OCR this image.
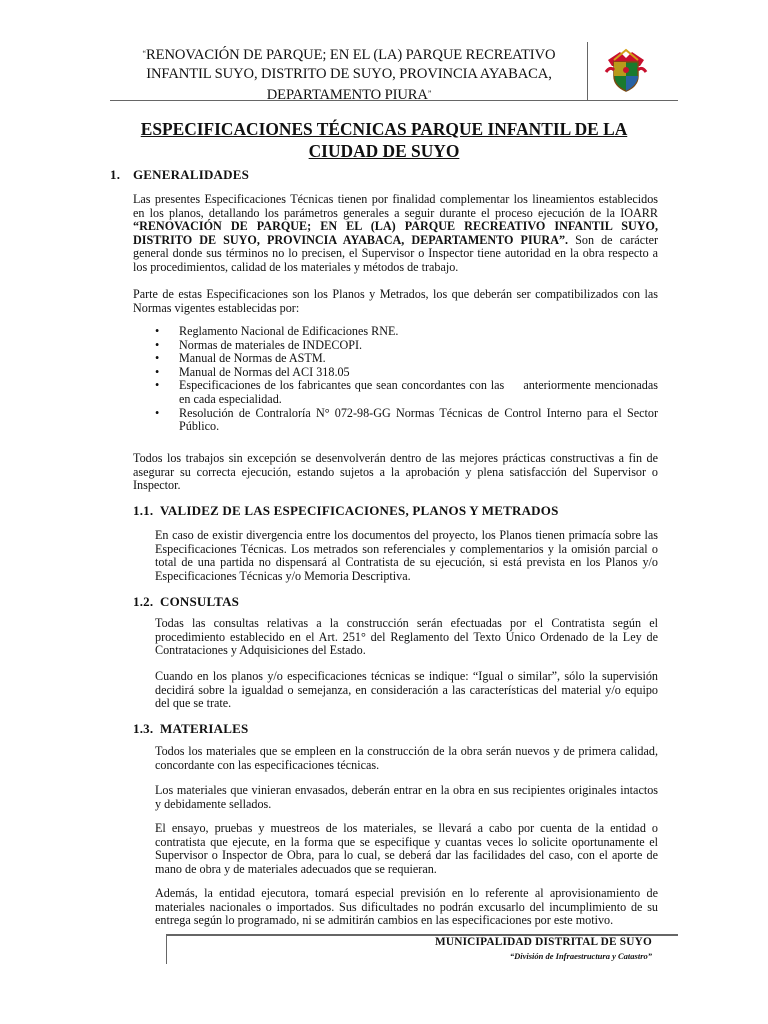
“RENOVACIÓN DE PARQUE; EN EL (LA) PARQUE RECREATIVO
INFANTIL SUYO, DISTRITO DE SUYO, PROVINCIA AYABACA,
DEPARTAMENTO PIURA”
ESPECIFICACIONES TÉCNICAS PARQUE INFANTIL DE LA
CIUDAD DE SUYO
1. GENERALIDADES
Las presentes Especificaciones Técnicas tienen por finalidad complementar los lineamientos establecidos en los planos, detallando los parámetros generales a seguir durante el proceso ejecución de la IOARR “RENOVACIÓN DE PARQUE; EN EL (LA) PARQUE RECREATIVO INFANTIL SUYO, DISTRITO DE SUYO, PROVINCIA AYABACA, DEPARTAMENTO PIURA”. Son de carácter general donde sus términos no lo precisen, el Supervisor o Inspector tiene autoridad en la obra respecto a los procedimientos, calidad de los materiales y métodos de trabajo.
Parte de estas Especificaciones son los Planos y Metrados, los que deberán ser compatibilizados con las Normas vigentes establecidas por:
• Reglamento Nacional de Edificaciones RNE.
• Normas de materiales de INDECOPI.
• Manual de Normas de ASTM.
• Manual de Normas del ACI 318.05
• Especificaciones de los fabricantes que sean concordantes con las     anteriormente mencionadas en cada especialidad.
• Resolución de Contraloría N° 072-98-GG Normas Técnicas de Control Interno para el Sector Público.
Todos los trabajos sin excepción se desenvolverán dentro de las mejores prácticas constructivas a fin de asegurar su correcta ejecución, estando sujetos a la aprobación y plena satisfacción del Supervisor o Inspector.
1.1. VALIDEZ DE LAS ESPECIFICACIONES, PLANOS Y METRADOS
En caso de existir divergencia entre los documentos del proyecto, los Planos tienen primacía sobre las Especificaciones Técnicas. Los metrados son referenciales y complementarios y la omisión parcial o total de una partida no dispensará al Contratista de su ejecución, si está prevista en los Planos y/o Especificaciones Técnicas y/o Memoria Descriptiva.
1.2. CONSULTAS
Todas las consultas relativas a la construcción serán efectuadas por el Contratista según el procedimiento establecido en el Art. 251° del Reglamento del Texto Único Ordenado de la Ley de Contrataciones y Adquisiciones del Estado.
Cuando en los planos y/o especificaciones técnicas se indique: “Igual o similar”, sólo la supervisión decidirá sobre la igualdad o semejanza, en consideración a las características del material y/o equipo del que se trate.
1.3. MATERIALES
Todos los materiales que se empleen en la construcción de la obra serán nuevos y de primera calidad, concordante con las especificaciones técnicas.
Los materiales que vinieran envasados, deberán entrar en la obra en sus recipientes originales intactos y debidamente sellados.
El ensayo, pruebas y muestreos de los materiales, se llevará a cabo por cuenta de la entidad o contratista que ejecute, en la forma que se especifique y cuantas veces lo solicite oportunamente el Supervisor o Inspector de Obra, para lo cual, se deberá dar las facilidades del caso, con el aporte de mano de obra y de materiales adecuados que se requieran.
Además, la entidad ejecutora, tomará especial previsión en lo referente al aprovisionamiento de materiales nacionales o importados. Sus dificultades no podrán excusarlo del incumplimiento de su entrega según lo programado, ni se admitirán cambios en las especificaciones por este motivo.
MUNICIPALIDAD DISTRITAL DE SUYO
“División de Infraestructura y Catastro”
